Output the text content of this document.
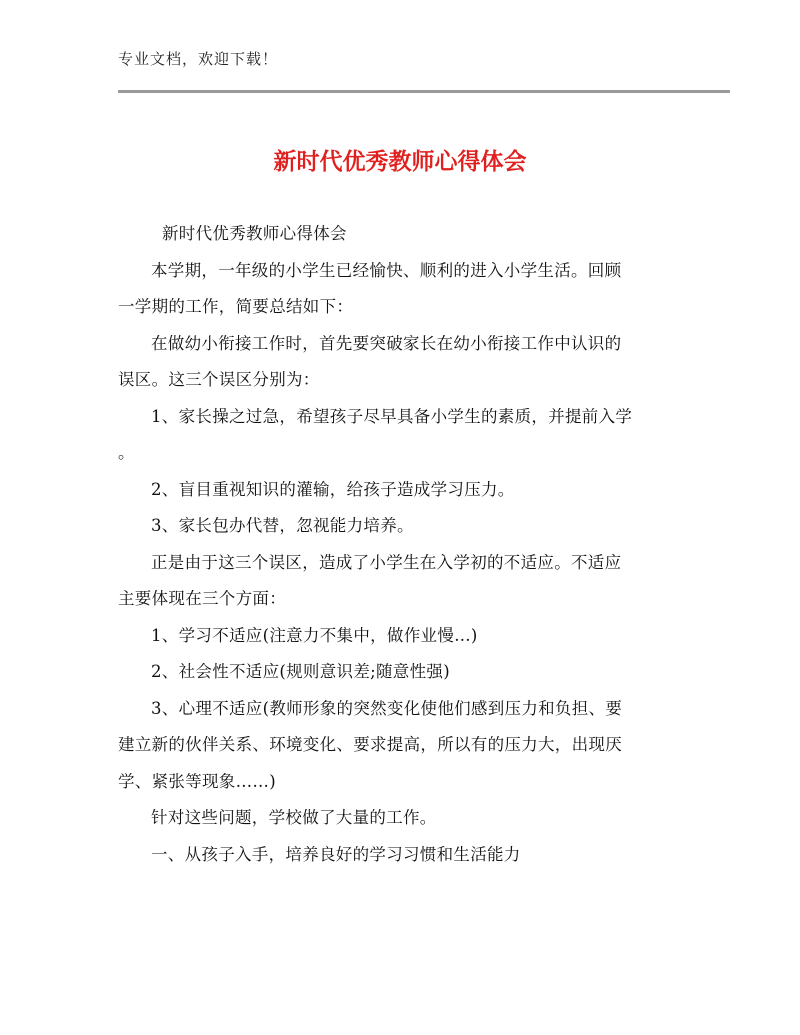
专业文档，欢迎下载！
新时代优秀教师心得体会
新时代优秀教师心得体会
本学期，一年级的小学生已经愉快、顺利的进入小学生活。回顾
一学期的工作，简要总结如下：
在做幼小衔接工作时，首先要突破家长在幼小衔接工作中认识的
误区。这三个误区分别为：
1、家长操之过急，希望孩子尽早具备小学生的素质，并提前入学
。
2、盲目重视知识的灌输，给孩子造成学习压力。
3、家长包办代替，忽视能力培养。
正是由于这三个误区，造成了小学生在入学初的不适应。不适应
主要体现在三个方面：
1、学习不适应(注意力不集中，做作业慢…)
2、社会性不适应(规则意识差;随意性强)
3、心理不适应(教师形象的突然变化使他们感到压力和负担、要
建立新的伙伴关系、环境变化、要求提高，所以有的压力大，出现厌
学、紧张等现象……)
针对这些问题，学校做了大量的工作。
一、从孩子入手，培养良好的学习习惯和生活能力
